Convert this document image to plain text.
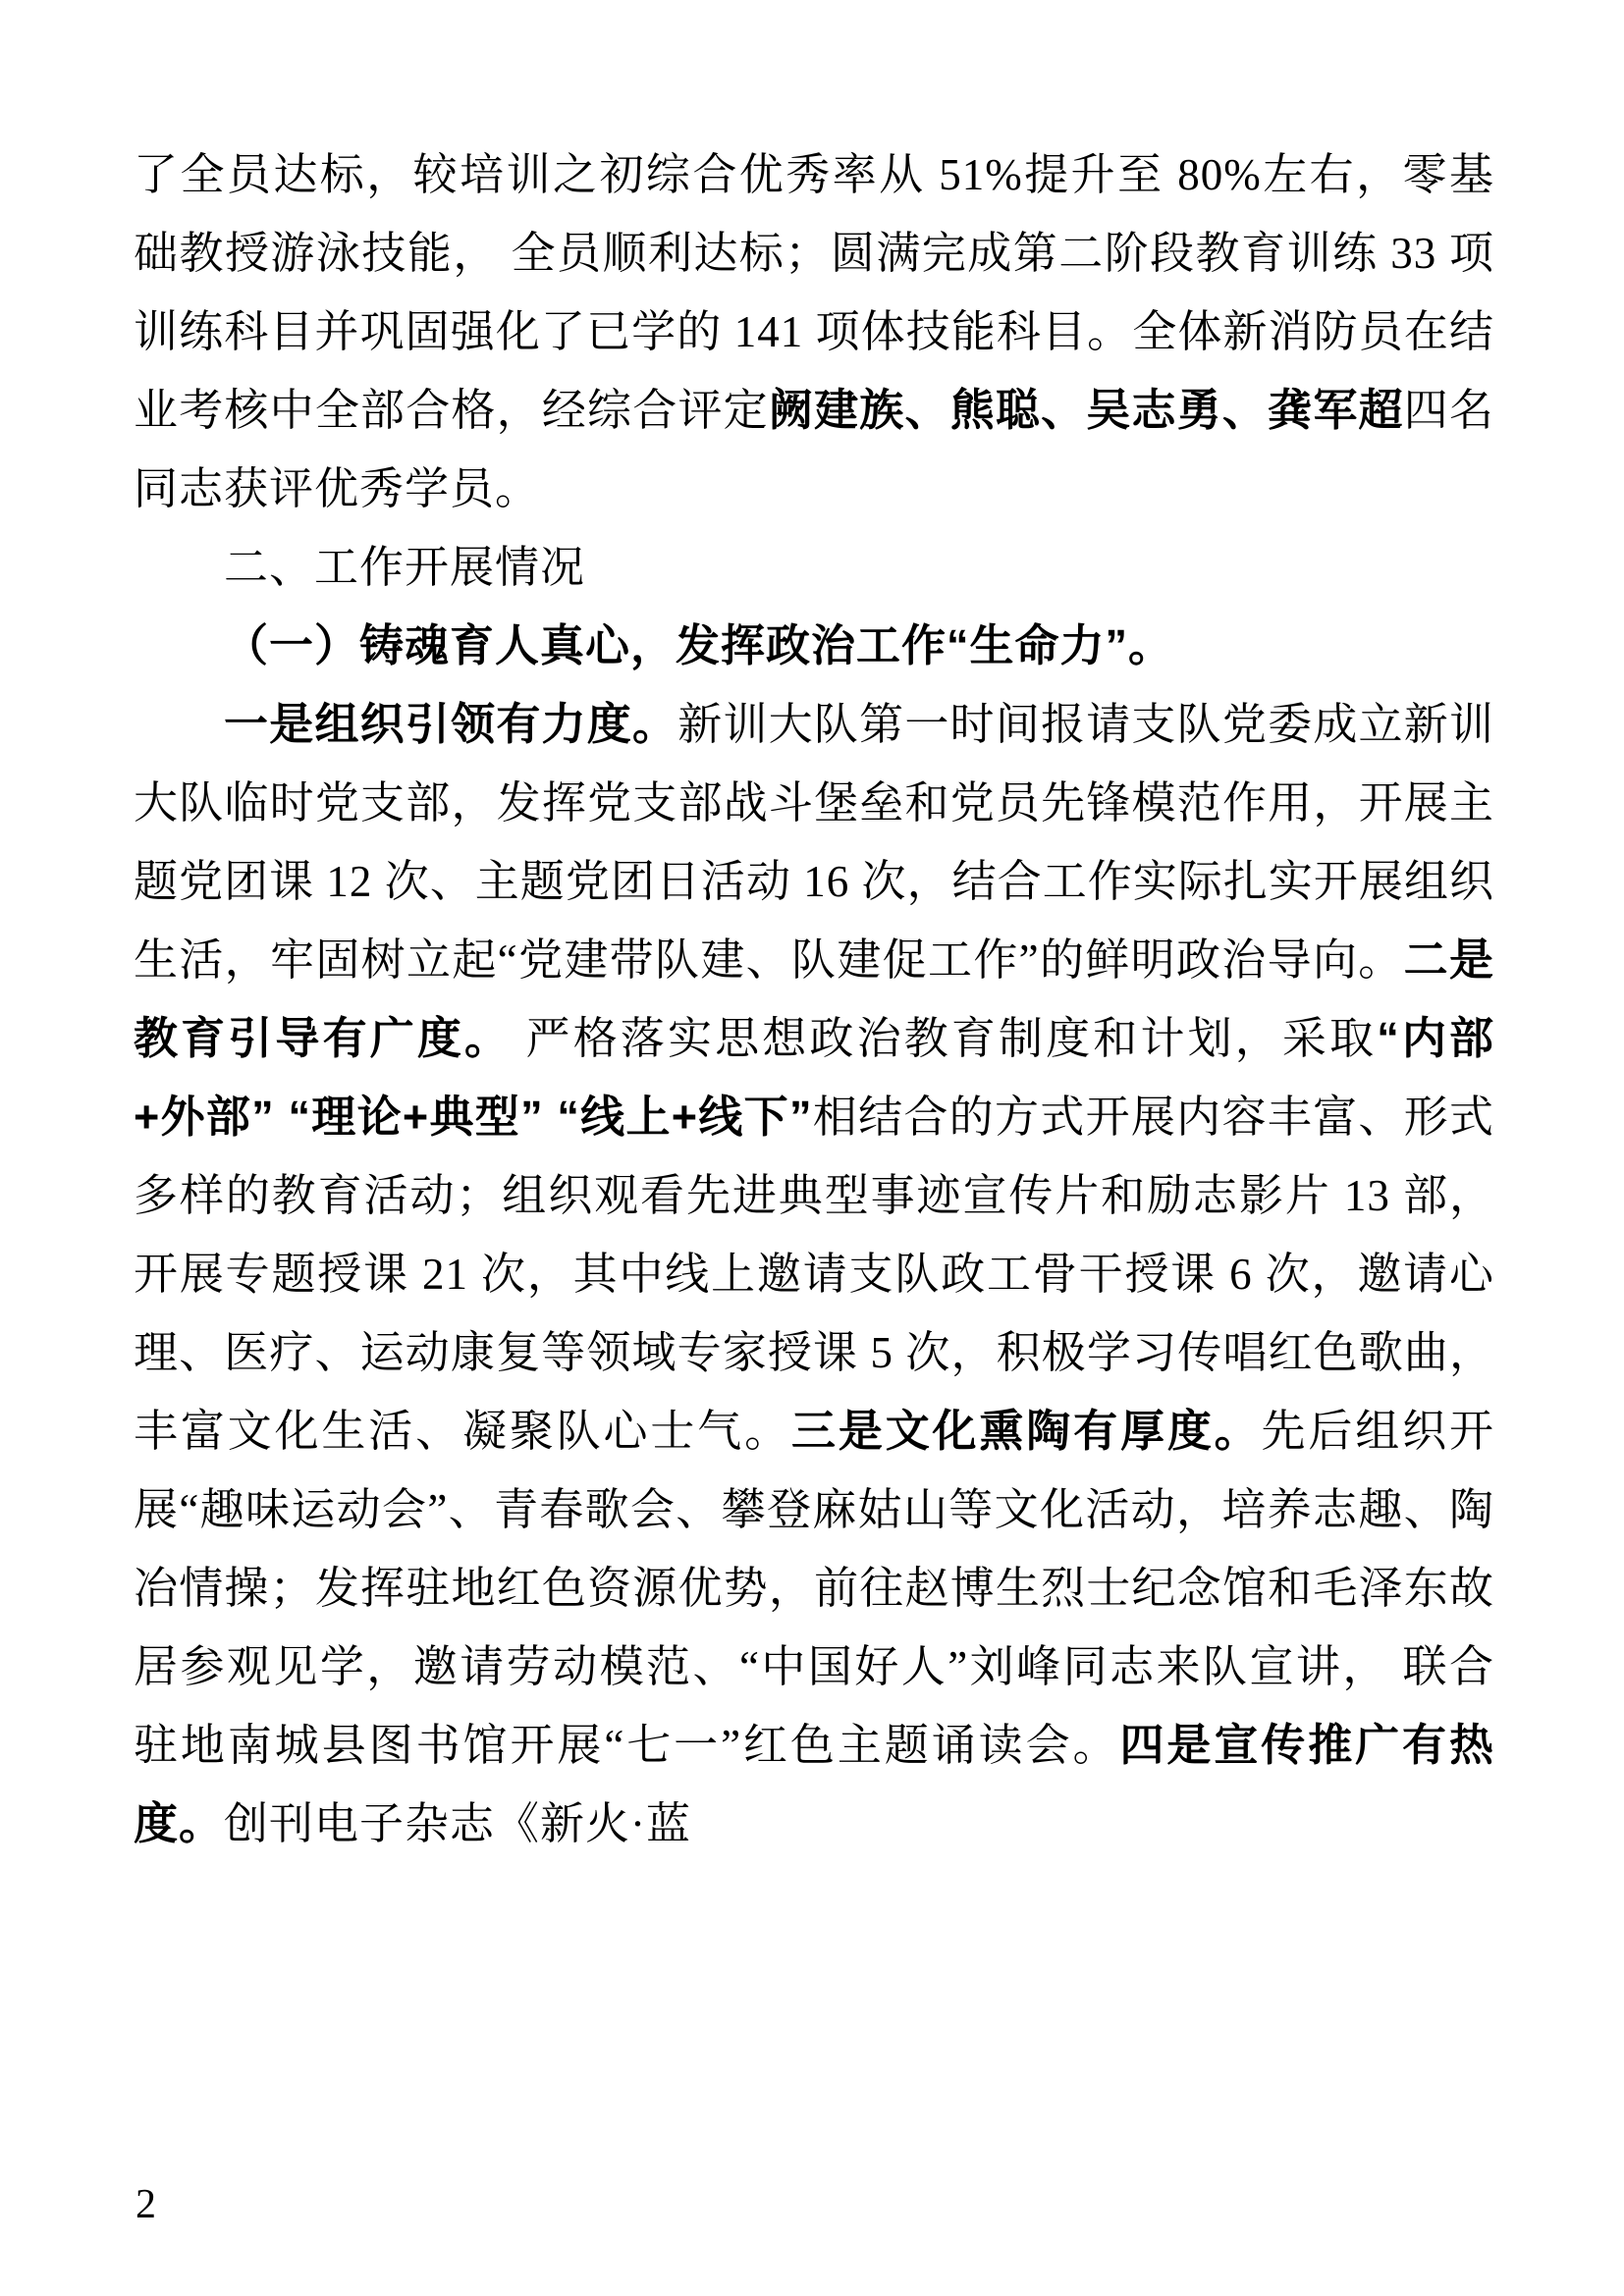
了全员达标，较培训之初综合优秀率从 51%提升至 80%左右，零基础教授游泳技能， 全员顺利达标；圆满完成第二阶段教育训练 33 项训练科目并巩固强化了已学的 141 项体技能科目。全体新消防员在结业考核中全部合格，经综合评定阙建族、熊聪、吴志勇、龚军超四名同志获评优秀学员。

二、工作开展情况

（一）铸魂育人真心，发挥政治工作“生命力”。

一是组织引领有力度。新训大队第一时间报请支队党委成立新训大队临时党支部，发挥党支部战斗堡垒和党员先锋模范作用，开展主题党团课 12 次、主题党团日活动 16 次，结合工作实际扎实开展组织生活，牢固树立起“党建带队建、队建促工作”的鲜明政治导向。二是教育引导有广度。 严格落实思想政治教育制度和计划，采取“内部+外部” “理论+典型” “线上+线下”相结合的方式开展内容丰富、形式多样的教育活动；组织观看先进典型事迹宣传片和励志影片 13 部，开展专题授课 21 次，其中线上邀请支队政工骨干授课 6 次，邀请心理、医疗、运动康复等领域专家授课 5 次，积极学习传唱红色歌曲，丰富文化生活、凝聚队心士气。三是文化熏陶有厚度。先后组织开展“趣味运动会”、青春歌会、攀登麻姑山等文化活动，培养志趣、陶冶情操；发挥驻地红色资源优势，前往赵博生烈士纪念馆和毛泽东故居参观见学，邀请劳动模范、“中国好人”刘峰同志来队宣讲， 联合驻地南城县图书馆开展“七一”红色主题诵读会。四是宣传推广有热度。创刊电子杂志《新火·蓝

2
